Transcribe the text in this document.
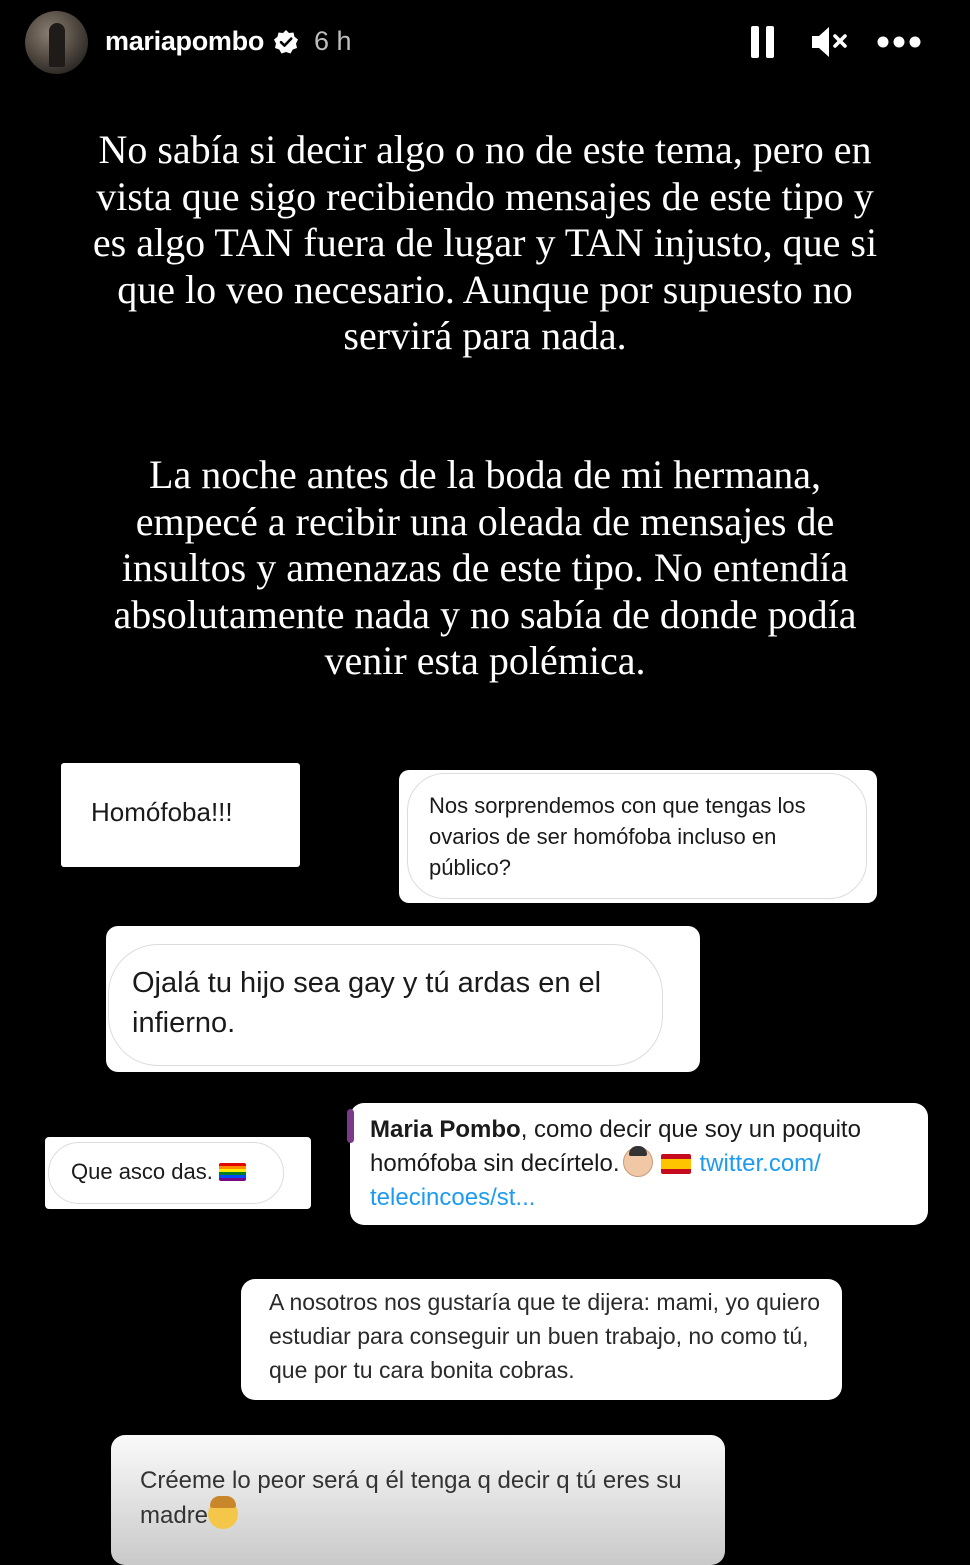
mariapombo 6 h

No sabía si decir algo o no de este tema, pero en vista que sigo recibiendo mensajes de este tipo y es algo TAN fuera de lugar y TAN injusto, que si que lo veo necesario. Aunque por supuesto no servirá para nada.

La noche antes de la boda de mi hermana, empecé a recibir una oleada de mensajes de insultos y amenazas de este tipo. No entendía absolutamente nada y no sabía de donde podía venir esta polémica.

Homófoba!!!	Nos sorprendemos con que tengas los ovarios de ser homófoba incluso en público?
Ojalá tu hijo sea gay y tú ardas en el infierno.
Que asco das.
Maria Pombo, como decir que soy un poquito homófoba sin decírtelo.	twitter.com/ telecincoes/st...
A nosotros nos gustaría que te dijera: mami, yo quiero estudiar para conseguir un buen trabajo, no como tú, que por tu cara bonita cobras.
Créeme lo peor será q él tenga q decir q tú eres su madre
